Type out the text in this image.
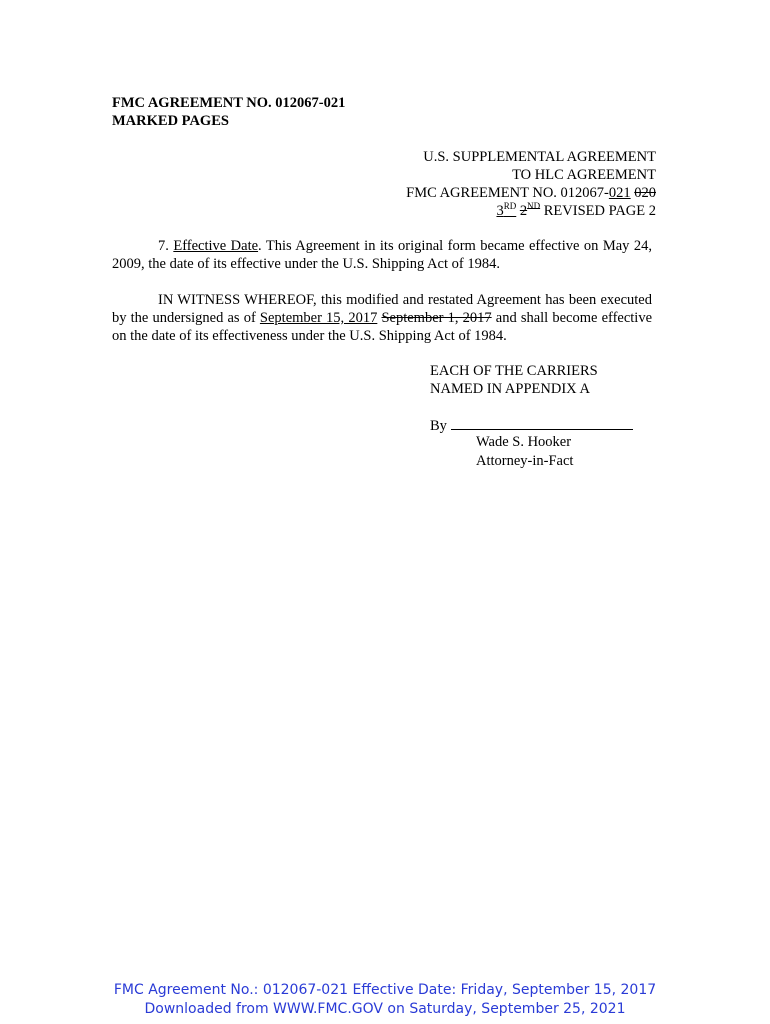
FMC AGREEMENT NO. 012067-021
MARKED PAGES
U.S. SUPPLEMENTAL AGREEMENT
TO HLC AGREEMENT
FMC AGREEMENT NO. 012067-021 020
3RD 2ND REVISED PAGE 2
7. Effective Date. This Agreement in its original form became effective on May 24, 2009, the date of its effective under the U.S. Shipping Act of 1984.
IN WITNESS WHEREOF, this modified and restated Agreement has been executed by the undersigned as of September 15, 2017 September 1, 2017 and shall become effective on the date of its effectiveness under the U.S. Shipping Act of 1984.
EACH OF THE CARRIERS
NAMED IN APPENDIX A
By
Wade S. Hooker
Attorney-in-Fact
FMC Agreement No.: 012067-021 Effective Date: Friday, September 15, 2017
Downloaded from WWW.FMC.GOV on Saturday, September 25, 2021
